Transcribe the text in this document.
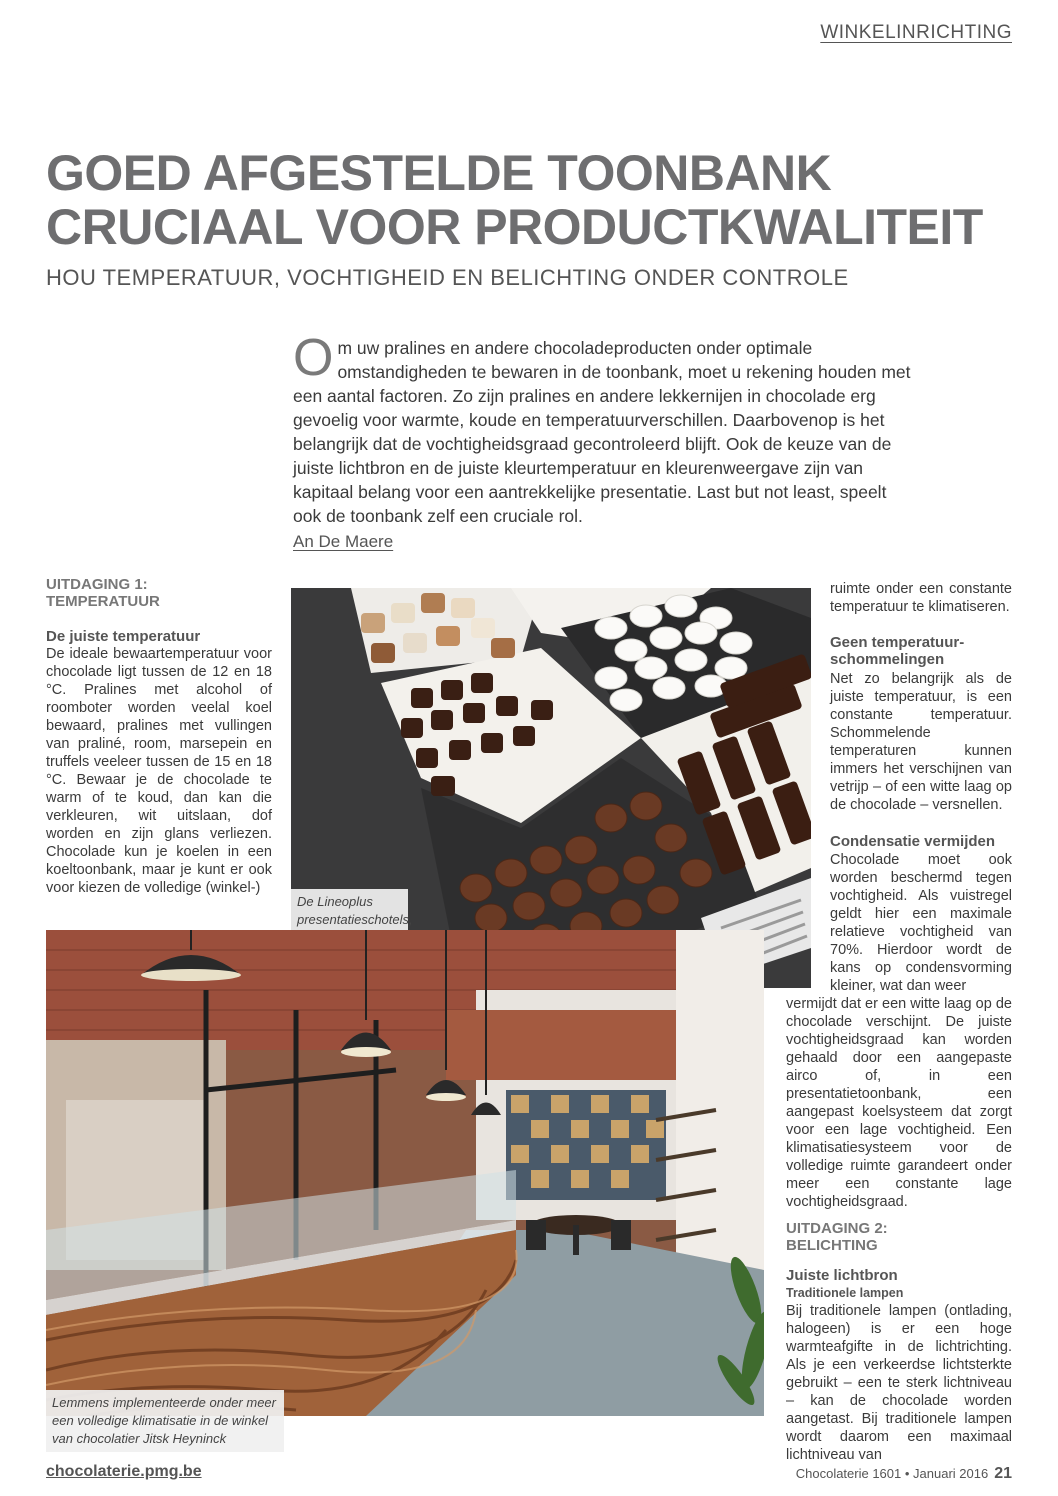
WINKELINRICHTING
GOED AFGESTELDE TOONBANK
CRUCIAAL VOOR PRODUCTKWALITEIT
HOU TEMPERATUUR, VOCHTIGHEID EN BELICHTING ONDER CONTROLE
Om uw pralines en andere chocoladeproducten onder optimale omstandigheden te bewaren in de toonbank, moet u rekening houden met een aantal factoren. Zo zijn pralines en andere lekkernijen in chocolade erg gevoelig voor warmte, koude en temperatuurverschillen. Daarbovenop is het belangrijk dat de vochtigheidsgraad gecontroleerd blijft. Ook de keuze van de juiste lichtbron en de juiste kleurtemperatuur en kleurenweergave zijn van kapitaal belang voor een aantrekkelijke presentatie. Last but not least, speelt ook de toonbank zelf een cruciale rol.
An De Maere
UITDAGING 1:
TEMPERATUUR
De juiste temperatuur
De ideale bewaartemperatuur voor chocolade ligt tussen de 12 en 18 °C. Pralines met alcohol of roomboter worden veelal koel bewaard, pralines met vullingen van praliné, room, marsepein en truffels veeleer tussen de 15 en 18 °C. Bewaar je de chocolade te warm of te koud, dan kan die verkleuren, wit uitslaan, dof worden en zijn glans verliezen. Chocolade kun je koelen in een koeltoonbank, maar je kunt er ook voor kiezen de volledige (winkel-)
De Lineoplus presentatieschotels,
Lemmens implementeerde onder meer een volledige klimatisatie in de winkel van chocolatier Jitsk Heyninck
ruimte onder een constante temperatuur te klimatiseren.
Geen temperatuur-
schommelingen
Net zo belangrijk als de juiste temperatuur, is een constante temperatuur. Schommelende temperaturen kunnen immers het verschijnen van vetrijp – of een witte laag op de chocolade – versnellen.
Condensatie vermijden
Chocolade moet ook worden beschermd tegen vochtigheid. Als vuistregel geldt hier een maximale relatieve vochtigheid van 70%. Hierdoor wordt de kans op condensvorming kleiner, wat dan weer
vermijdt dat er een witte laag op de chocolade verschijnt. De juiste vochtigheidsgraad kan worden gehaald door een aangepaste airco of, in een presentatietoonbank, een aangepast koelsysteem dat zorgt voor een lage vochtigheid. Een klimatisatiesysteem voor de volledige ruimte garandeert onder meer een constante lage vochtigheidsgraad.
UITDAGING 2:
BELICHTING
Juiste lichtbron
Traditionele lampen
Bij traditionele lampen (ontlading, halogeen) is er een hoge warmteafgifte in de lichtrichting. Als je een verkeerdse lichtsterkte gebruikt – een te sterk lichtniveau – kan de chocolade worden aangetast. Bij traditionele lampen wordt daarom een maximaal lichtniveau van
chocolaterie.pmg.be	Chocolaterie 1601 • Januari 2016 21
